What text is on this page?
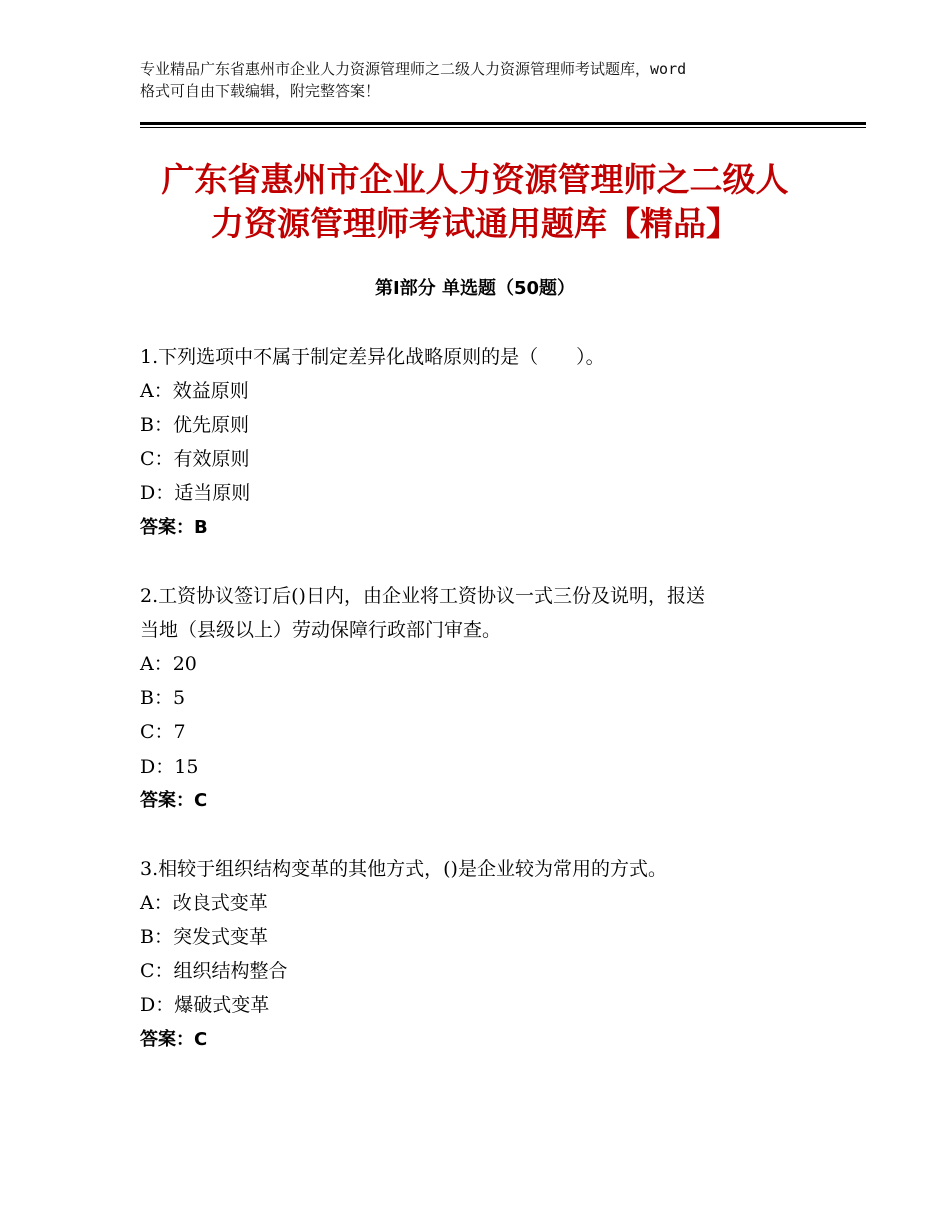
专业精品广东省惠州市企业人力资源管理师之二级人力资源管理师考试题库，word
格式可自由下载编辑，附完整答案！
广东省惠州市企业人力资源管理师之二级人
力资源管理师考试通用题库【精品】
第Ⅰ部分 单选题（50题）
1.下列选项中不属于制定差异化战略原则的是（　　）。
A：效益原则
B：优先原则
C：有效原则
D：适当原则
答案：B
2.工资协议签订后()日内，由企业将工资协议一式三份及说明，报送
当地（县级以上）劳动保障行政部门审查。
A：20
B：5
C：7
D：15
答案：C
3.相较于组织结构变革的其他方式，()是企业较为常用的方式。
A：改良式变革
B：突发式变革
C：组织结构整合
D：爆破式变革
答案：C
